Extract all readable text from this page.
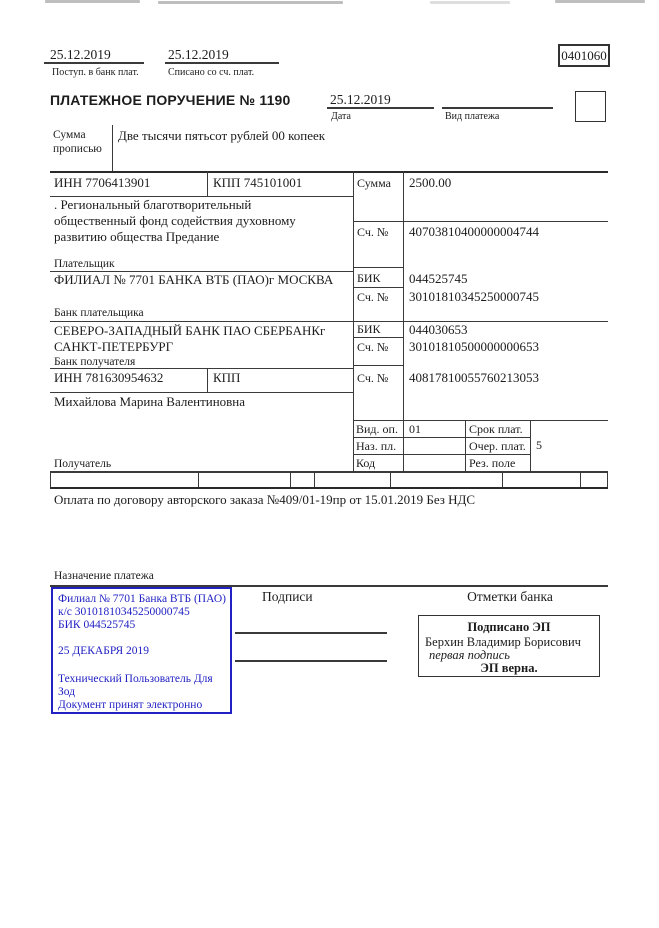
25.12.2019
Поступ. в банк плат.
25.12.2019
Списано со сч. плат.
0401060
ПЛАТЕЖНОЕ ПОРУЧЕНИЕ № 1190	25.12.2019
Дата	Вид платежа
Сумма
прописью
Две тысячи пятьсот рублей 00 копеек
ИНН 7706413901	КПП 745101001	Сумма 2500.00
. Региональный благотворительный
общественный фонд содействия духовному
развитию общества Предание	Сч. № 40703810400000004744
Плательщик
ФИЛИАЛ № 7701 БАНКА ВТБ (ПАО)г МОСКВА БИК 044525745
Сч. № 30101810345250000745
Банк плательщика
СЕВЕРО-ЗАПАДНЫЙ БАНК ПАО СБЕРБАНКг
САНКТ-ПЕТЕРБУРГ
БИК 044030653
Сч. № 30101810500000000653
Банк получателя
ИНН 781630954632	КПП	Сч. № 40817810055760213053
Михайлова Марина Валентиновна
Получатель
Вид. оп. 01	Срок плат.
Наз. пл.	Очер. плат. 5
Код	Рез. поле
Оплата по договору авторского заказа №409/01-19пр от 15.01.2019 Без НДС
Назначение платежа
Филиал № 7701 Банка ВТБ (ПАО)
к/с 30101810345250000745
БИК 044525745
25 ДЕКАБРЯ 2019
Технический Пользователь Для
Зод
Документ принят электронно
Подписи	Отметки банка
Подписано ЭП
Берхин Владимир Борисович
первая подпись
ЭП верна.
